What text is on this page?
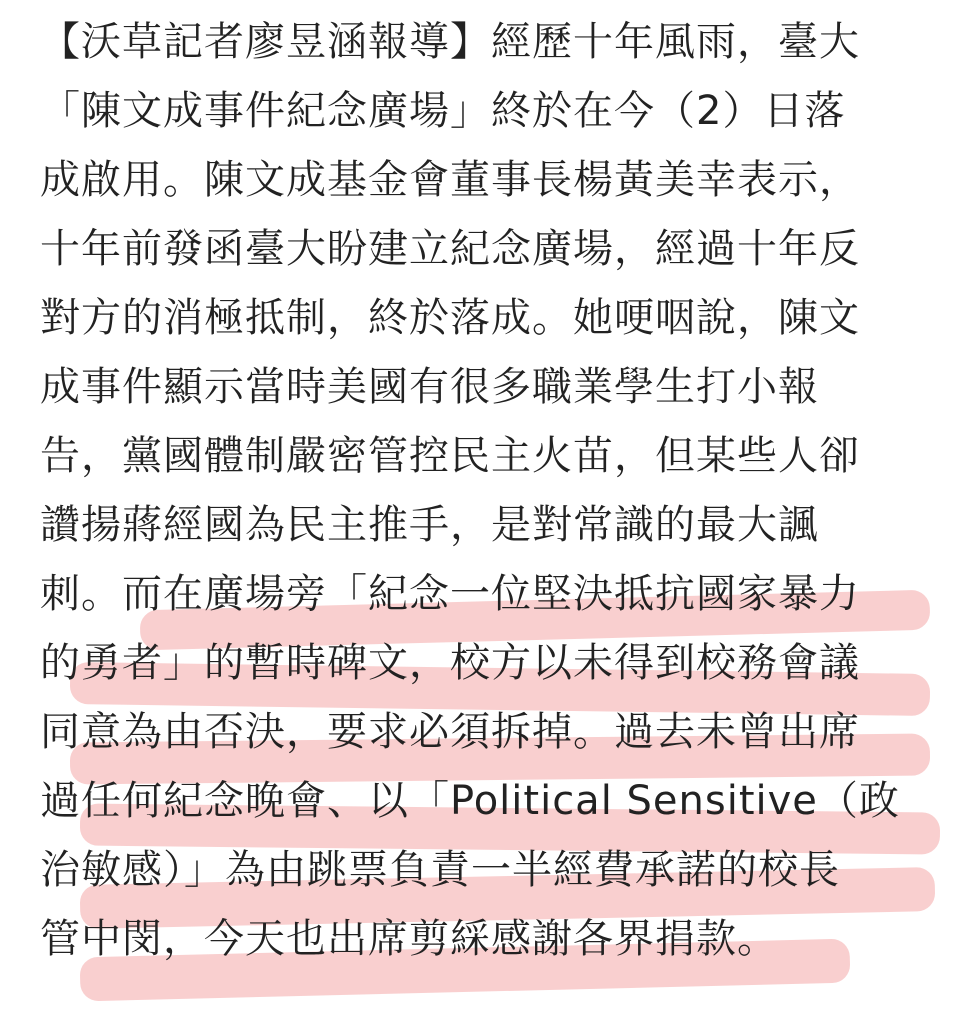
【沃草記者廖昱涵報導】經歷十年風雨，臺大
「陳文成事件紀念廣場」終於在今（2）日落
成啟用。陳文成基金會董事長楊黃美幸表示，
十年前發函臺大盼建立紀念廣場，經過十年反
對方的消極抵制，終於落成。她哽咽說，陳文
成事件顯示當時美國有很多職業學生打小報
告，黨國體制嚴密管控民主火苗，但某些人卻
讚揚蔣經國為民主推手，是對常識的最大諷
刺。而在廣場旁「紀念一位堅決抵抗國家暴力
的勇者」的暫時碑文，校方以未得到校務會議
同意為由否決，要求必須拆掉。過去未曾出席
過任何紀念晚會、以「Political Sensitive（政
治敏感）」為由跳票負責一半經費承諾的校長
管中閔，今天也出席剪綵感謝各界捐款。
